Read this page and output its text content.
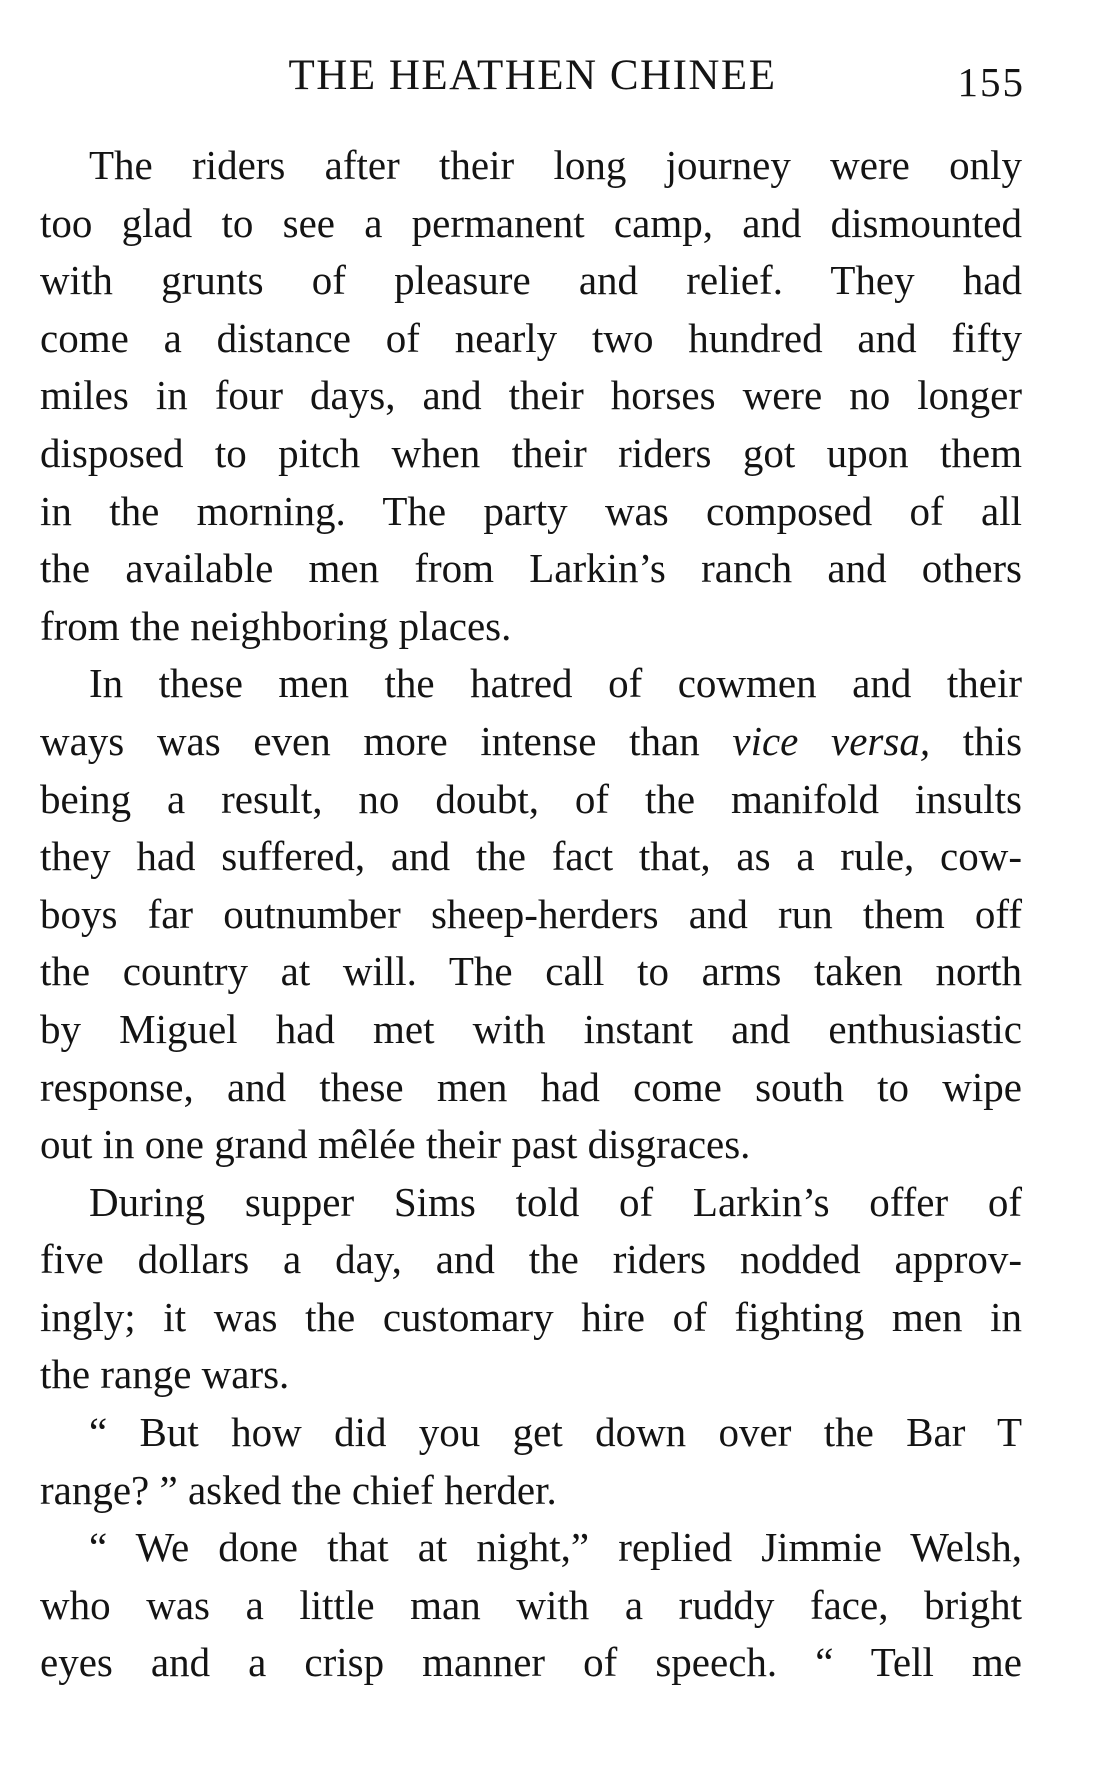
THE HEATHEN CHINEE	155
The riders after their long journey were only
too glad to see a permanent camp, and dismounted
with grunts of pleasure and relief. They had
come a distance of nearly two hundred and fifty
miles in four days, and their horses were no longer
disposed to pitch when their riders got upon them
in the morning. The party was composed of all
the available men from Larkin’s ranch and others
from the neighboring places.
In these men the hatred of cowmen and their
ways was even more intense than vice versa, this
being a result, no doubt, of the manifold insults
they had suffered, and the fact that, as a rule, cow-
boys far outnumber sheep-herders and run them off
the country at will. The call to arms taken north
by Miguel had met with instant and enthusiastic
response, and these men had come south to wipe
out in one grand mêlée their past disgraces.
During supper Sims told of Larkin’s offer of
five dollars a day, and the riders nodded approv-
ingly; it was the customary hire of fighting men in
the range wars.
“ But how did you get down over the Bar T
range? ” asked the chief herder.
“ We done that at night,” replied Jimmie Welsh,
who was a little man with a ruddy face, bright
eyes and a crisp manner of speech. “ Tell me
